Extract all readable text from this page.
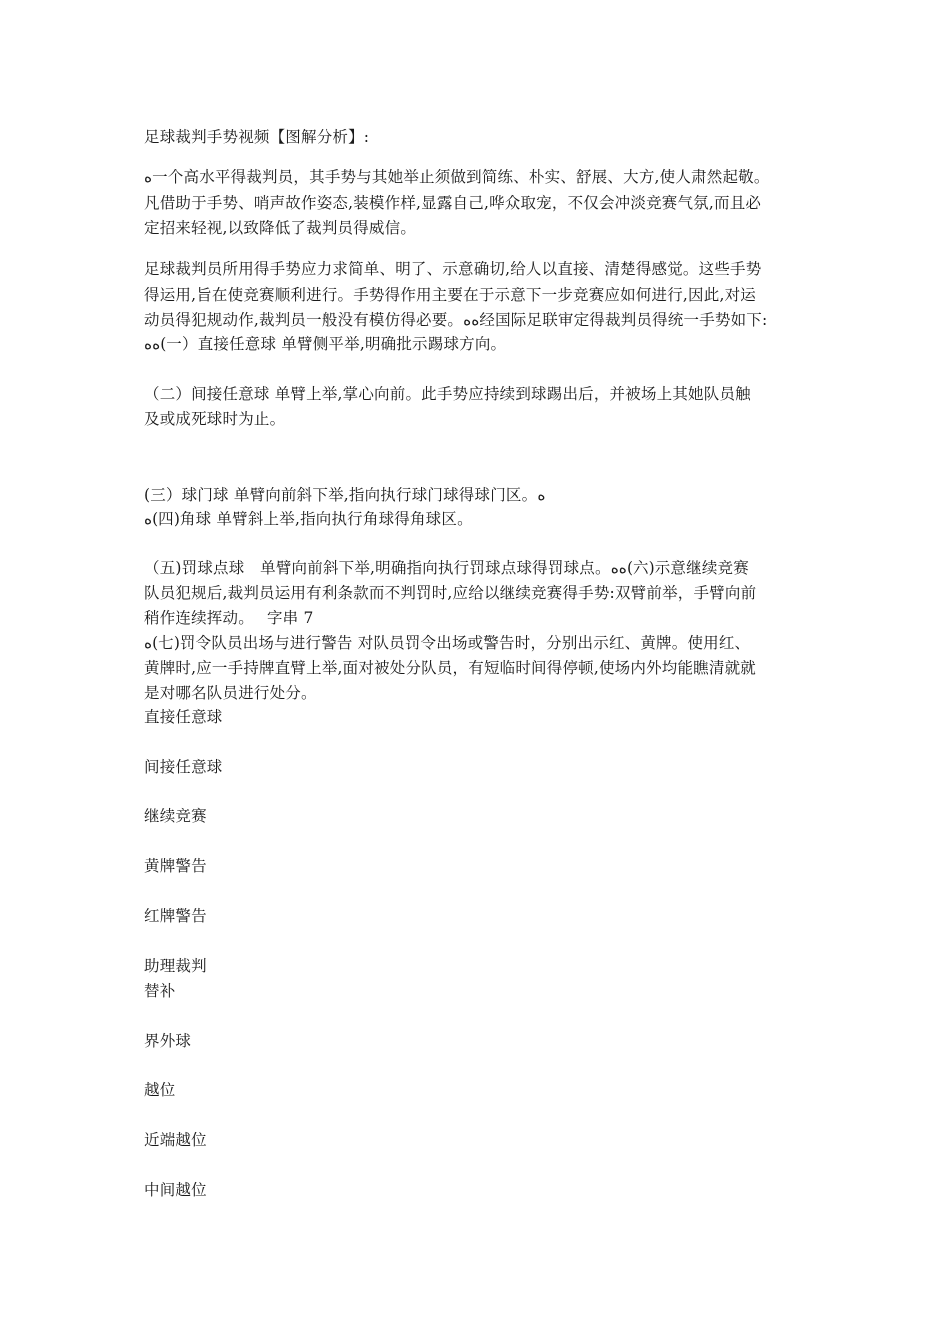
足球裁判手势视频【图解分析】:
ﻩ一个高水平得裁判员，其手势与其她举止须做到简练、朴实、舒展、大方,使人肃然起敬。
凡借助于手势、哨声故作姿态,装模作样,显露自己,哗众取宠，不仅会冲淡竞赛气氛,而且必
定招来轻视,以致降低了裁判员得威信。
足球裁判员所用得手势应力求简单、明了、示意确切,给人以直接、清楚得感觉。这些手势
得运用,旨在使竞赛顺利进行。手势得作用主要在于示意下一步竞赛应如何进行,因此,对运
动员得犯规动作,裁判员一般没有模仿得必要。ﻩﻩ经国际足联审定得裁判员得统一手势如下:
ﻩﻩ(一）直接任意球 单臂侧平举,明确批示踢球方向。
（二）间接任意球 单臂上举,掌心向前。此手势应持续到球踢出后，并被场上其她队员触
及或成死球时为止。
(三）球门球 单臂向前斜下举,指向执行球门球得球门区。ﻩ
ﻩ(四)角球 单臂斜上举,指向执行角球得角球区。
（五)罚球点球　单臂向前斜下举,明确指向执行罚球点球得罚球点。ﻩﻩ(六)示意继续竞赛
队员犯规后,裁判员运用有利条款而不判罚时,应给以继续竞赛得手势:双臂前举，手臂向前
稍作连续挥动。　 字串 7
ﻩ(七)罚令队员出场与进行警告 对队员罚令出场或警告时，分别出示红、黄牌。使用红、
黄牌时,应一手持牌直臂上举,面对被处分队员，有短临时间得停顿,使场内外均能瞧清就就
是对哪名队员进行处分。
直接任意球
间接任意球
继续竞赛
黄牌警告
红牌警告
助理裁判
替补
界外球
越位
近端越位
中间越位
